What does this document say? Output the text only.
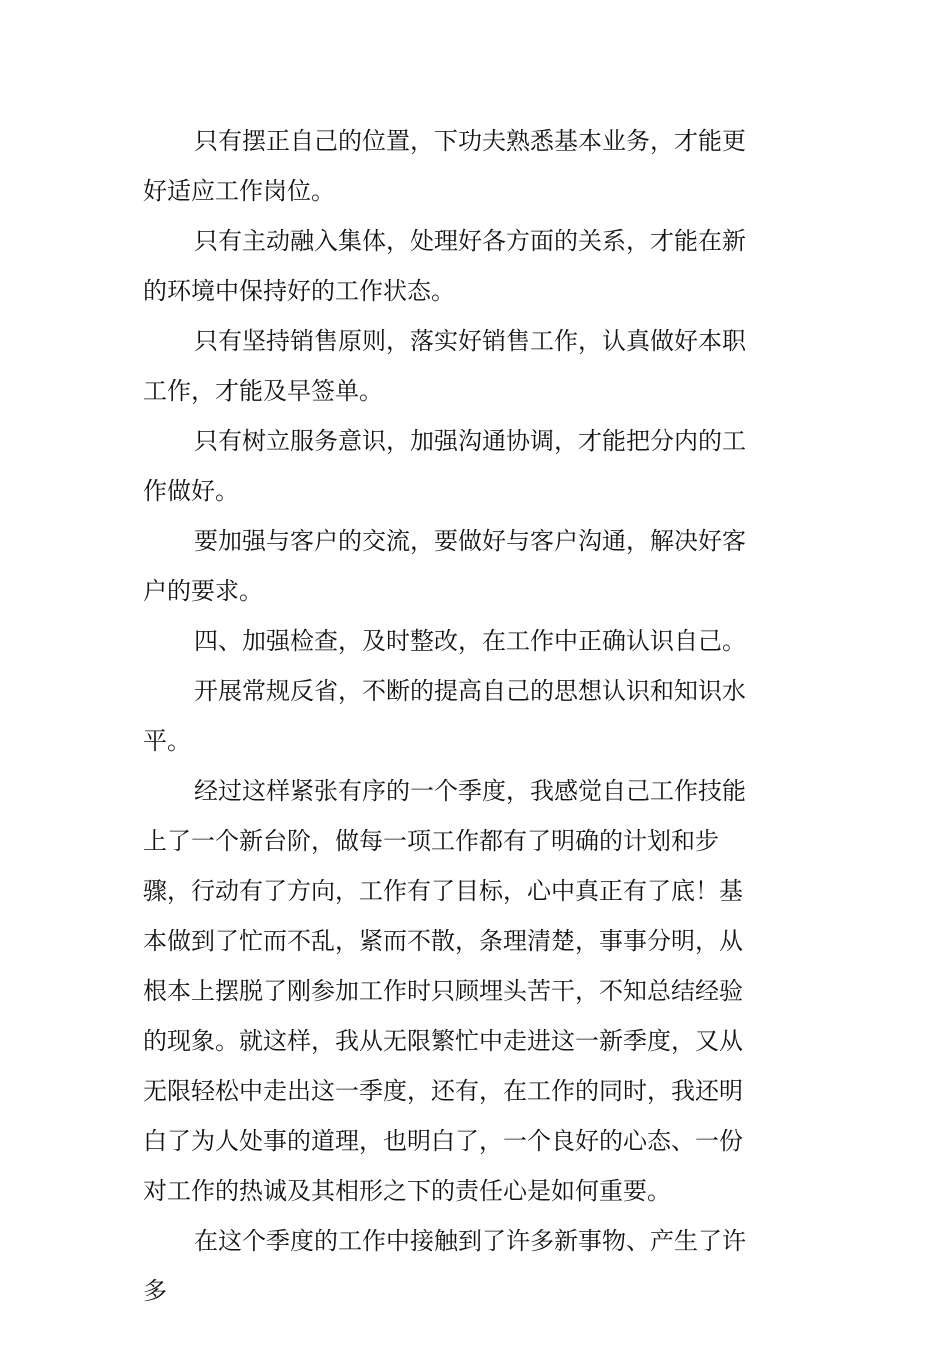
只有摆正自己的位置，下功夫熟悉基本业务，才能更好适应工作岗位。

只有主动融入集体，处理好各方面的关系，才能在新的环境中保持好的工作状态。

只有坚持销售原则，落实好销售工作，认真做好本职工作，才能及早签单。

只有树立服务意识，加强沟通协调，才能把分内的工作做好。

要加强与客户的交流，要做好与客户沟通，解决好客户的要求。

四、加强检查，及时整改，在工作中正确认识自己。

开展常规反省，不断的提高自己的思想认识和知识水平。

经过这样紧张有序的一个季度，我感觉自己工作技能上了一个新台阶，做每一项工作都有了明确的计划和步骤，行动有了方向，工作有了目标，心中真正有了底！基本做到了忙而不乱，紧而不散，条理清楚，事事分明，从根本上摆脱了刚参加工作时只顾埋头苦干，不知总结经验的现象。就这样，我从无限繁忙中走进这一新季度，又从无限轻松中走出这一季度，还有，在工作的同时，我还明白了为人处事的道理，也明白了，一个良好的心态、一份对工作的热诚及其相形之下的责任心是如何重要。

在这个季度的工作中接触到了许多新事物、产生了许多
